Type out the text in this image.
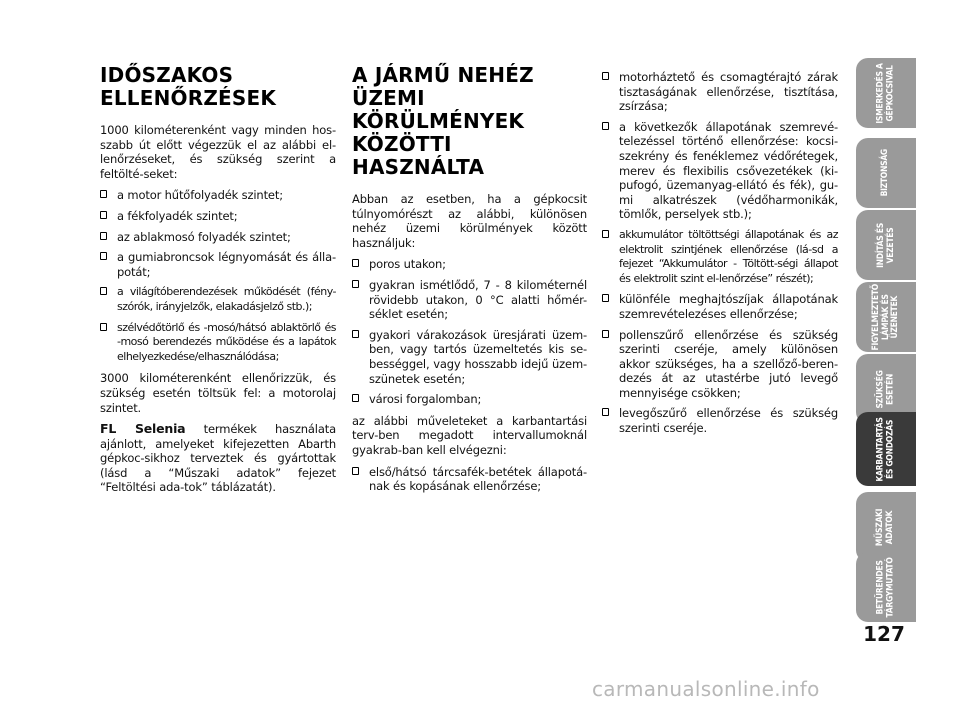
IDŐSZAKOS ELLENŐRZÉSEK

1000 kilométerenként vagy minden hos-szabb út előtt végezzük el az alábbi el-lenőrzéseket, és szükség szerint a feltölté-seket:

a motor hűtőfolyadék szintet;
a fékfolyadék szintet;
az ablakmosó folyadék szintet;
a gumiabroncsok légnyomását és álla-potát;
a világítóberendezések működését (fény-szórók, irányjelzők, elakadásjelző stb.);
szélvédőtörlő és -mosó/hátsó ablaktörlő és -mosó berendezés működése és a lapátok elhelyezkedése/elhasználódása;

3000 kilométerenként ellenőrizzük, és szükség esetén töltsük fel: a motorolaj szintet.

FL Selenia termékek használata ajánlott, amelyeket kifejezetten Abarth gépkoc-sikhoz terveztek és gyártottak (lásd a “Műszaki adatok” fejezet “Feltöltési ada-tok” táblázatát).

A JÁRMŰ NEHÉZ ÜZEMI KÖRÜLMÉNYEK KÖZÖTTI HASZNÁLTA

Abban az esetben, ha a gépkocsit túlnyomórészt az alábbi, különösen nehéz üzemi körülmények között használjuk:

poros utakon;
gyakran ismétlődő, 7 - 8 kilométernél rövidebb utakon, 0 °C alatti hőmér-séklet esetén;
gyakori várakozások üresjárati üzem-ben, vagy tartós üzemeltetés kis se-bességgel, vagy hosszabb idejű üzem-szünetek esetén;
városi forgalomban;

az alábbi műveleteket a karbantartási terv-ben megadott intervallumoknál gyakrab-ban kell elvégezni:

első/hátsó tárcsafék-betétek állapotá-nak és kopásának ellenőrzése;
motorháztető és csomagtérajtó zárak tisztaságának ellenőrzése, tisztítása, zsírzása;
a következők állapotának szemrevé-telezéssel történő ellenőrzése: kocsi-szekrény és fenéklemez védőrétegek, merev és flexibilis csővezetékek (ki-pufogó, üzemanyag-ellátó és fék), gu-mi alkatrészek (védőharmonikák, tömlők, perselyek stb.);
akkumulátor töltöttségi állapotának és az elektrolit szintjének ellenőrzése (lá-sd a fejezet “Akkumulátor - Töltött-ségi állapot és elektrolit szint el-lenőrzése” részét);
különféle meghajtószíjak állapotának szemrevételezéses ellenőrzése;
pollenszűrő ellenőrzése és szükség szerinti cseréje, amely különösen akkor szükséges, ha a szellőző-beren-dezés át az utastérbe jutó levegő mennyisége csökken;
levegőszűrő ellenőrzése és szükség szerinti cseréje.
ISMERKEDÉS A
GÉPKOCSIVAL
BIZTONSÁG
INDÍTÁS ÉS
VEZETÉS
FIGYELMEZTETŐ
LÁMPÁK ÉS
ÜZENETEK
SZÜKSÉG
ESETÉN
KARBANTARTÁS
ÉS GONDOZÁS
MŰSZAKI
ADATOK
BETŰRENDES
TÁRGYMUTATÓ
127
carmanualsonline.info
